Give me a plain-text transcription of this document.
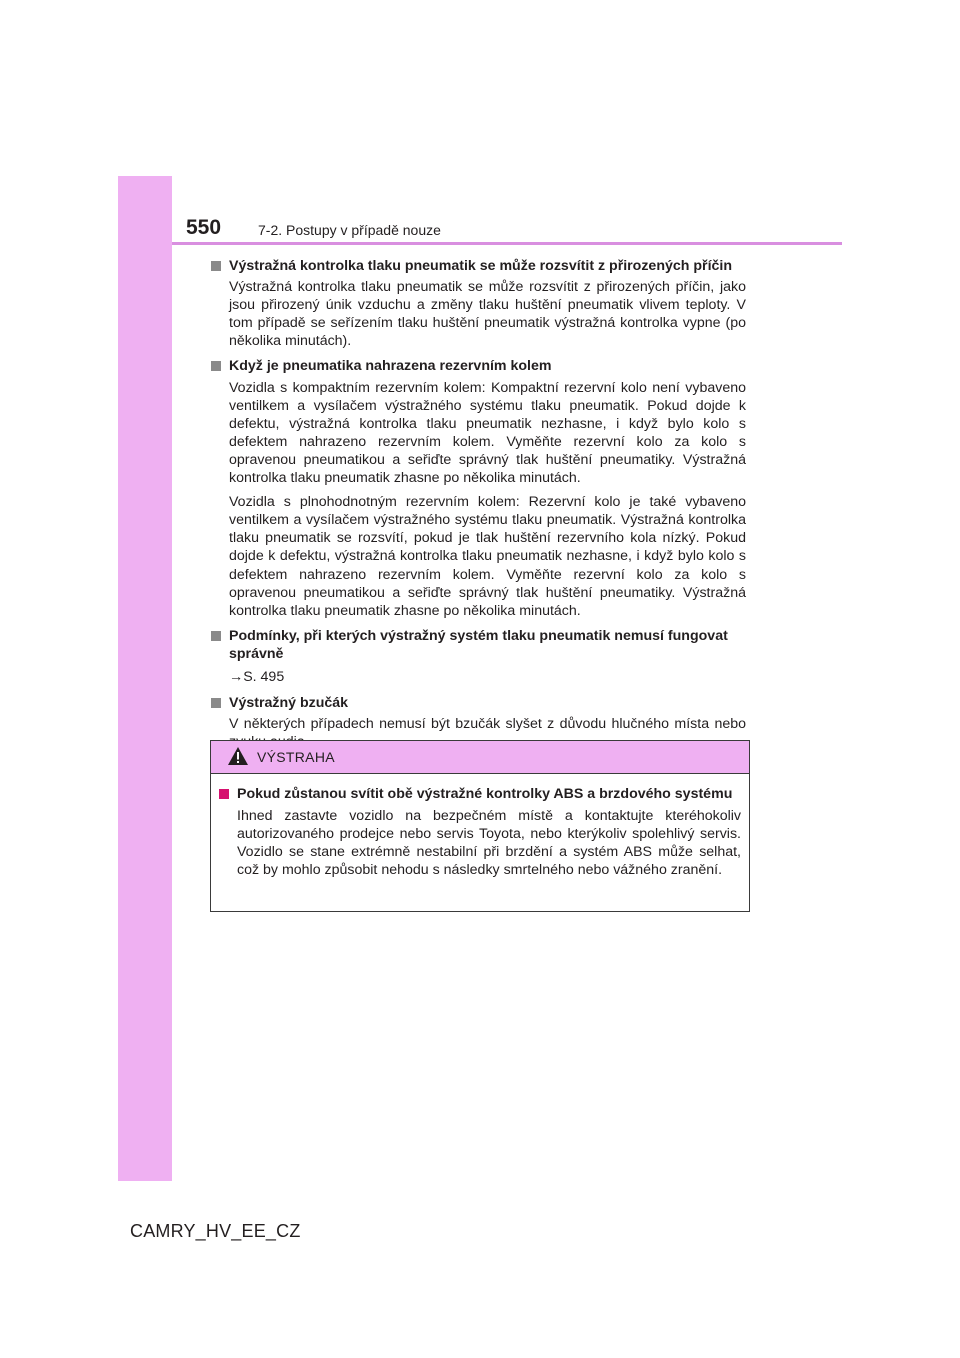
550	7-2. Postupy v případě nouze
Výstražná kontrolka tlaku pneumatik se může rozsvítit z přirozených příčin

Výstražná kontrolka tlaku pneumatik se může rozsvítit z přirozených příčin, jako jsou přirozený únik vzduchu a změny tlaku huštění pneumatik vlivem teploty. V tom případě se seřízením tlaku huštění pneumatik výstražná kontrolka vypne (po několika minutách).

Když je pneumatika nahrazena rezervním kolem

Vozidla s kompaktním rezervním kolem: Kompaktní rezervní kolo není vybaveno ventilkem a vysílačem výstražného systému tlaku pneumatik. Pokud dojde k defektu, výstražná kontrolka tlaku pneumatik nezhasne, i když bylo kolo s defektem nahrazeno rezervním kolem. Vyměňte rezervní kolo za kolo s opravenou pneumatikou a seřiďte správný tlak huštění pneumatiky. Výstražná kontrolka tlaku pneumatik zhasne po několika minutách.

Vozidla s plnohodnotným rezervním kolem: Rezervní kolo je také vybaveno ventilkem a vysílačem výstražného systému tlaku pneumatik. Výstražná kontrolka tlaku pneumatik se rozsvítí, pokud je tlak huštění rezervního kola nízký. Pokud dojde k defektu, výstražná kontrolka tlaku pneumatik nezhasne, i když bylo kolo s defektem nahrazeno rezervním kolem. Vyměňte rezervní kolo za kolo s opravenou pneumatikou a seřiďte správný tlak huštění pneumatiky. Výstražná kontrolka tlaku pneumatik zhasne po několika minutách.

Podmínky, při kterých výstražný systém tlaku pneumatik nemusí fungovat správně
→S. 495
Výstražný bzučák

V některých případech nemusí být bzučák slyšet z důvodu hlučného místa nebo

VÝSTRAHA
Pokud zůstanou svítit obě výstražné kontrolky ABS a brzdového systému

Ihned zastavte vozidlo na bezpečném místě a kontaktujte kteréhokoliv autorizovaného prodejce nebo servis Toyota, nebo kterýkoliv spolehlivý servis. Vozidlo se stane extrémně nestabilní při brzdění a systém ABS může selhat, což by mohlo způsobit nehodu s následky smrtelného nebo vážného zranění.

CAMRY_HV_EE_CZ
